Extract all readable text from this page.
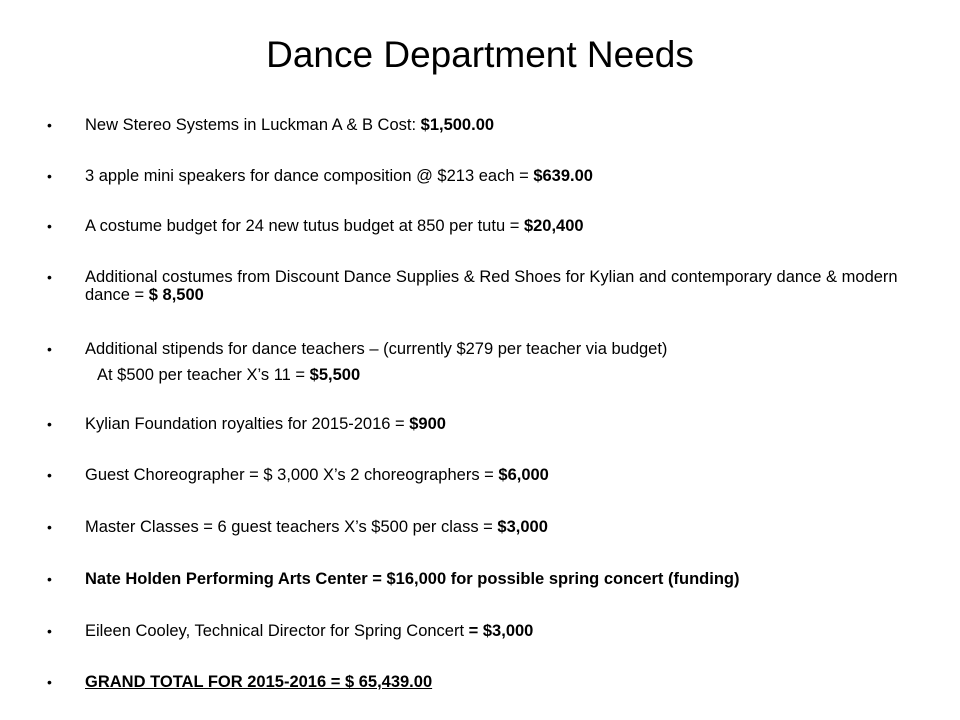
Dance Department Needs
• New Stereo Systems in Luckman A & B Cost: $1,500.00
• 3 apple mini speakers for dance composition @ $213 each = $639.00
• A costume budget for 24 new tutus budget at 850 per tutu = $20,400
• Additional costumes from Discount Dance Supplies & Red Shoes for Kylian and contemporary dance & modern dance = $ 8,500
• Additional stipends for dance teachers – (currently $279 per teacher via budget)
At $500 per teacher X’s 11 = $5,500
• Kylian Foundation royalties for 2015-2016 = $900
• Guest Choreographer = $ 3,000 X’s 2 choreographers = $6,000
• Master Classes = 6 guest teachers X’s $500 per class = $3,000
• Nate Holden Performing Arts Center = $16,000 for possible spring concert (funding)
• Eileen Cooley, Technical Director for Spring Concert = $3,000
• GRAND TOTAL FOR 2015-2016 = $ 65,439.00
